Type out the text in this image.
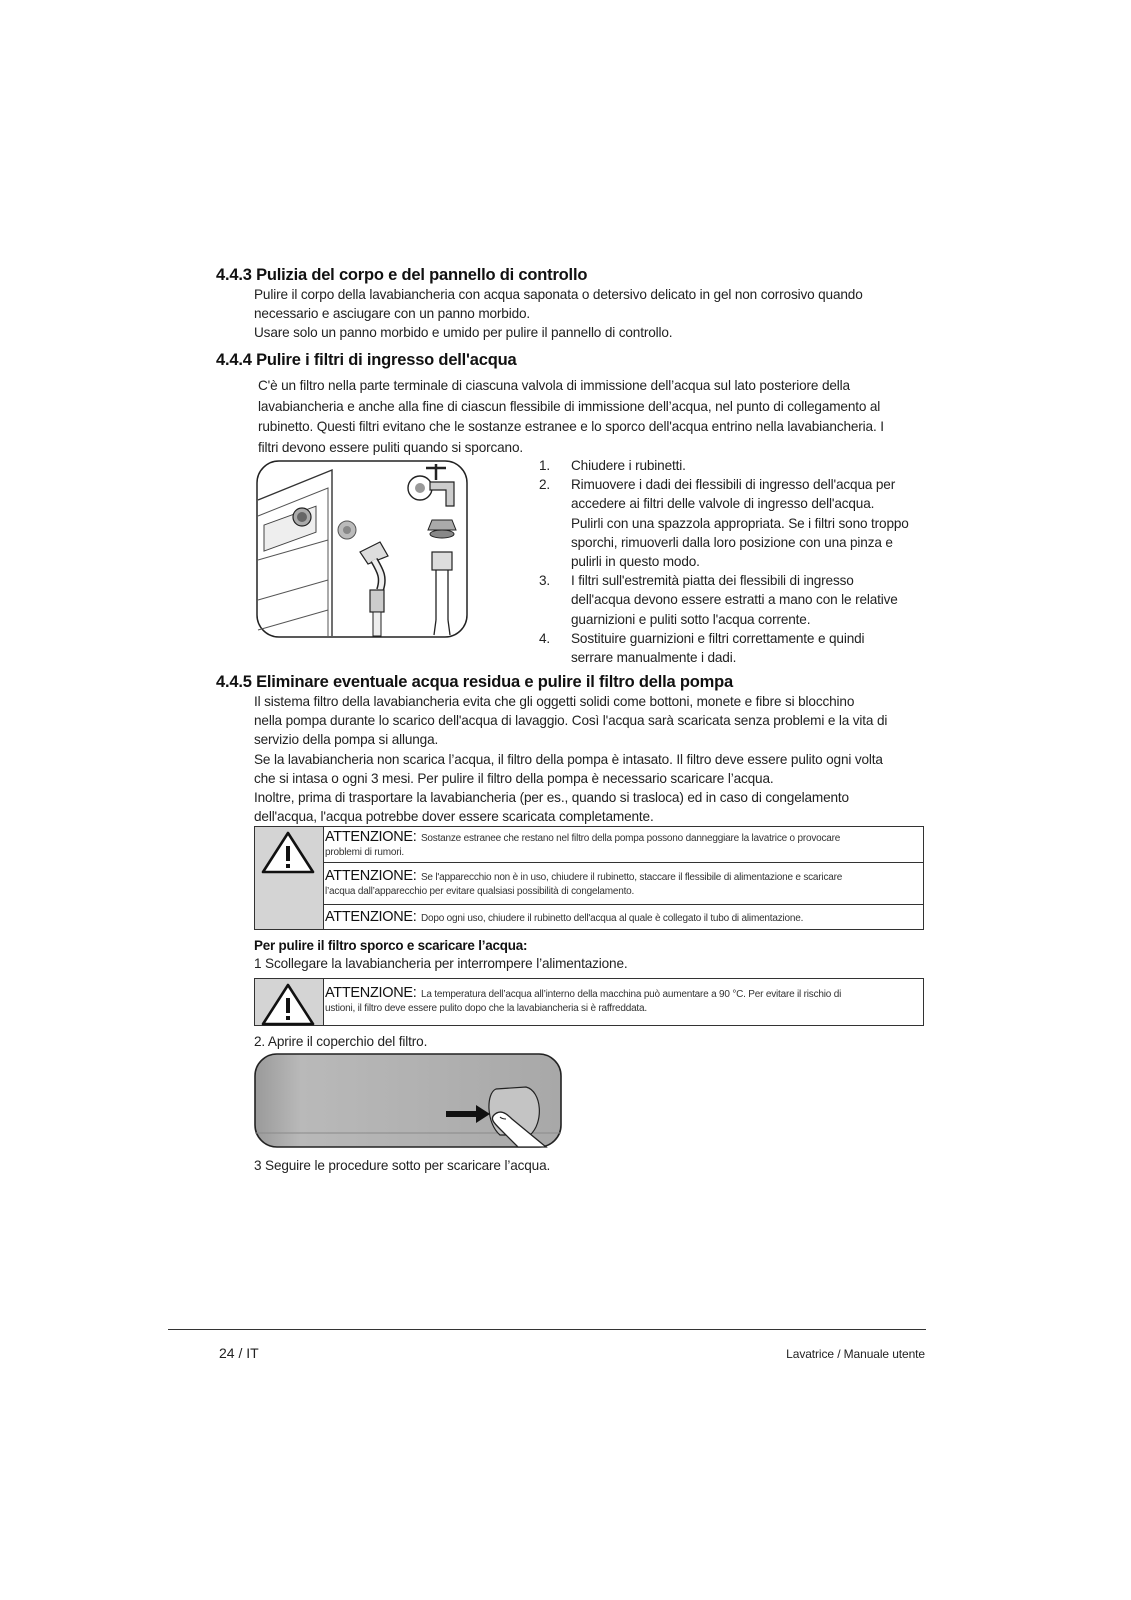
4.4.3 Pulizia del corpo e del pannello di controllo

Pulire il corpo della lavabiancheria con acqua saponata o detersivo delicato in gel non corrosivo quando

necessario e asciugare con un panno morbido.

Usare solo un panno morbido e umido per pulire il pannello di controllo.

4.4.4 Pulire i filtri di ingresso dell'acqua

C'è un filtro nella parte terminale di ciascuna valvola di immissione dell’acqua sul lato posteriore della

lavabiancheria e anche alla fine di ciascun flessibile di immissione dell’acqua, nel punto di collegamento al

rubinetto. Questi filtri evitano che le sostanze estranee e lo sporco dell'acqua entrino nella lavabiancheria. I

filtri devono essere puliti quando si sporcano.

1. Chiudere i rubinetti.
2. Rimuovere i dadi dei flessibili di ingresso dell'acqua per
accedere ai filtri delle valvole di ingresso dell'acqua.
Pulirli con una spazzola appropriata. Se i filtri sono troppo
sporchi, rimuoverli dalla loro posizione con una pinza e
pulirli in questo modo.
3. I filtri sull'estremità piatta dei flessibili di ingresso
dell'acqua devono essere estratti a mano con le relative
guarnizioni e puliti sotto l'acqua corrente.
4. Sostituire guarnizioni e filtri correttamente e quindi
serrare manualmente i dadi.
4.4.5 Eliminare eventuale acqua residua e pulire il filtro della pompa

Il sistema filtro della lavabiancheria evita che gli oggetti solidi come bottoni, monete e fibre si blocchino

nella pompa durante lo scarico dell'acqua di lavaggio. Così l'acqua sarà scaricata senza problemi e la vita di

servizio della pompa si allunga.

Se la lavabiancheria non scarica l’acqua, il filtro della pompa è intasato. Il filtro deve essere pulito ogni volta

che si intasa o ogni 3 mesi. Per pulire il filtro della pompa è necessario scaricare l’acqua.

Inoltre, prima di trasportare la lavabiancheria (per es., quando si trasloca) ed in caso di congelamento

dell'acqua, l'acqua potrebbe dover essere scaricata completamente.

ATTENZIONE: Sostanze estranee che restano nel filtro della pompa possono danneggiare la lavatrice o provocare
problemi di rumori.
ATTENZIONE: Se l'apparecchio non è in uso, chiudere il rubinetto, staccare il flessibile di alimentazione e scaricare
l’acqua dall’apparecchio per evitare qualsiasi possibilità di congelamento.
ATTENZIONE: Dopo ogni uso, chiudere il rubinetto dell'acqua al quale è collegato il tubo di alimentazione.
Per pulire il filtro sporco e scaricare l’acqua:
1 Scollegare la lavabiancheria per interrompere l’alimentazione.
ATTENZIONE: La temperatura dell’acqua all’interno della macchina può aumentare a 90 °C. Per evitare il rischio di
ustioni, il filtro deve essere pulito dopo che la lavabiancheria si è raffreddata.
2. Aprire il coperchio del filtro.
3 Seguire le procedure sotto per scaricare l’acqua.
24 / IT	Lavatrice / Manuale utente
